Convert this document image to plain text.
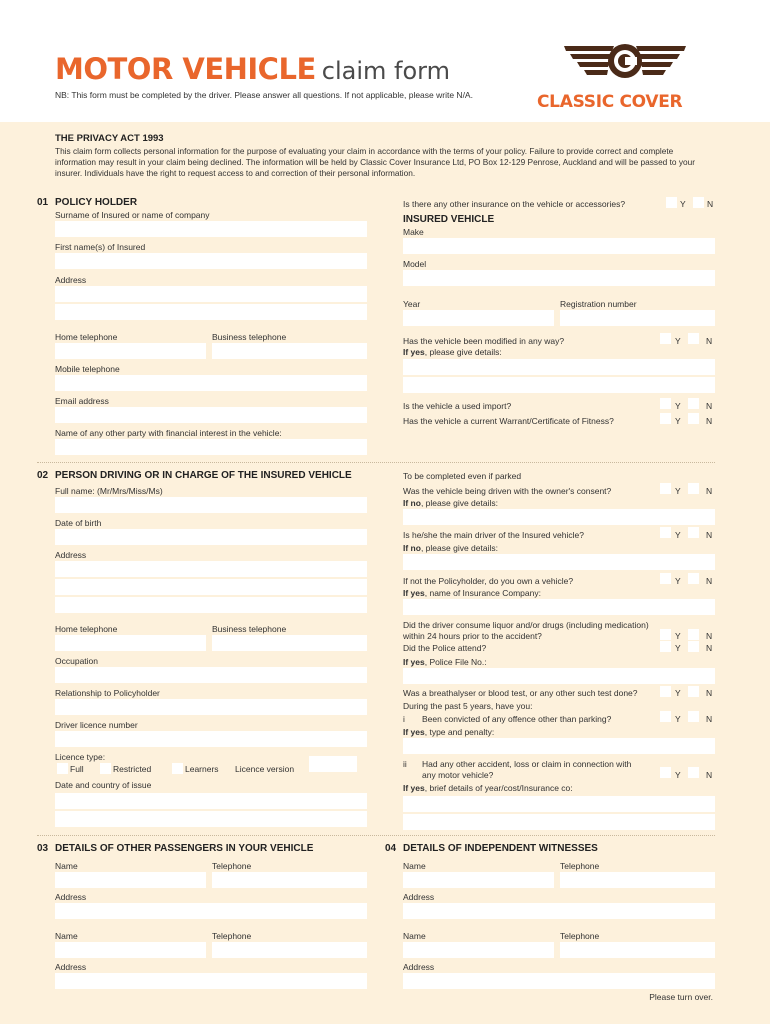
MOTOR VEHICLE claim form
NB: This form must be completed by the driver. Please answer all questions. If not applicable, please write N/A.	CLASSIC COVER
THE PRIVACY ACT 1993
This claim form collects personal information for the purpose of evaluating your claim in accordance with the terms of your policy. Failure to provide correct and complete information may result in your claim being declined. The information will be held by Classic Cover Insurance Ltd, PO Box 12-129 Penrose, Auckland and will be passed to your insurer. Individuals have the right to request access to and correction of their personal information.
01 POLICY HOLDER
Surname of Insured or name of company
First name(s) of Insured
Address
Home telephone	Business telephone
Mobile telephone
Email address
Name of any other party with financial interest in the vehicle:
Is there any other insurance on the vehicle or accessories?	Y	N
INSURED VEHICLE
Make
Model
Year	Registration number
Has the vehicle been modified in any way?	Y	N
If yes, please give details:
Is the vehicle a used import?	Y	N
Has the vehicle a current Warrant/Certificate of Fitness?	Y	N
02 PERSON DRIVING OR IN CHARGE OF THE INSURED VEHICLE
Full name: (Mr/Mrs/Miss/Ms)
Date of birth
Address
Home telephone	Business telephone
Occupation
Relationship to Policyholder
Driver licence number
Licence type:
Full	Restricted	Learners Licence version
Date and country of issue
To be completed even if parked
Was the vehicle being driven with the owner's consent?	Y	N
If no, please give details:
Is he/she the main driver of the Insured vehicle?	Y	N
If no, please give details:
If not the Policyholder, do you own a vehicle?	Y	N
If yes, name of Insurance Company:
Did the driver consume liquor and/or drugs (including medication)
within 24 hours prior to the accident?	Y	N
Did the Police attend?	Y	N
If yes, Police File No.:
Was a breathalyser or blood test, or any other such test done?	Y	N
During the past 5 years, have you:
i Been convicted of any offence other than parking?	Y	N
If yes, type and penalty:
ii Had any other accident, loss or claim in connection with
any motor vehicle?	Y	N
If yes, brief details of year/cost/Insurance co:
03 DETAILS OF OTHER PASSENGERS IN YOUR VEHICLE
Name	Telephone
Address
Name	Telephone
Address
04 DETAILS OF INDEPENDENT WITNESSES
Name	Telephone
Address
Name	Telephone
Address
Please turn over.
